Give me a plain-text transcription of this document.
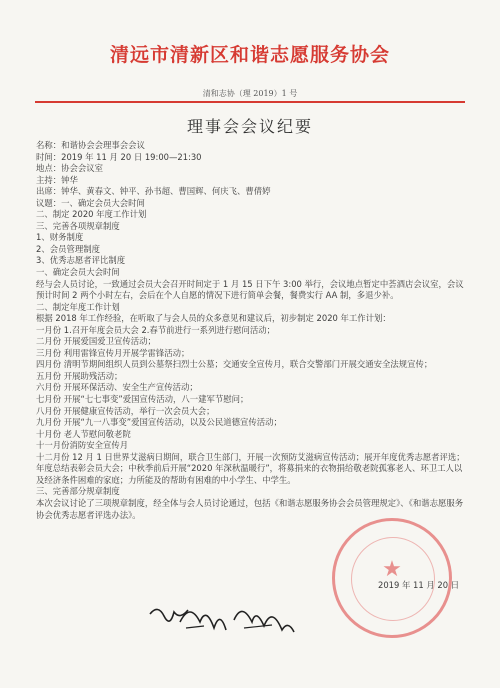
清远市清新区和谐志愿服务协会
清和志协（理 2019）1 号
理事会会议纪要
名称：和谐协会会理事会会议
时间：2019 年 11 月 20 日 19:00—21:30
地点：协会会议室
主持：钟华
出席：钟华、黄春文、钟平、孙书超、曹国辉、何庆飞、曹倩婷
议题：一、确定会员大会时间
二、制定 2020 年度工作计划
三、完善各项规章制度
1、财务制度
2、会员管理制度
3、优秀志愿者评比制度
一、确定会员大会时间
经与会人员讨论，一致通过会员大会召开时间定于 1 月 15 日下午 3:00 举行，会议地点暂定中荟酒店会议室，会议预计时间 2 两个小时左右，会后在个人自愿的情况下进行简单会餐，餐费实行 AA 制，多退少补。
二、制定年度工作计划
根据 2018 年工作经验，在听取了与会人员的众多意见和建议后，初步制定 2020 年工作计划：
一月份 1.召开年度会员大会 2.春节前进行一系列进行慰问活动；
二月份 开展爱国爱卫宣传活动；
三月份 利用雷锋宣传月开展学雷锋活动；
四月份 清明节期间组织人员到公墓祭扫烈士公墓；交通安全宣传月，联合交警部门开展交通安全法规宣传；
五月份 开展助残活动；
六月份 开展环保活动、安全生产宣传活动；
七月份 开展“七七事变”爱国宣传活动，八一建军节慰问；
八月份 开展健康宣传活动，举行一次会员大会；
九月份 开展“九一八事变”爱国宣传活动，以及公民道德宣传活动；
十月份 老人节慰问敬老院
十一月份消防安全宣传月
十二月份 12 月 1 日世界艾滋病日期间，联合卫生部门，开展一次预防艾滋病宣传活动；展开年度优秀志愿者评选；年度总结表彰会员大会；中秋季前后开展“2020 年深秋温暖行”，将募捐来的衣物捐给敬老院孤寡老人、环卫工人以及经济条件困难的家庭；力所能及的帮助有困难的中小学生、中学生。
三、完善部分规章制度
本次会议讨论了三项规章制度，经全体与会人员讨论通过，包括《和谐志愿服务协会会员管理规定》、《和谐志愿服务协会优秀志愿者评选办法》。
★
2019 年 11 月 20 日
